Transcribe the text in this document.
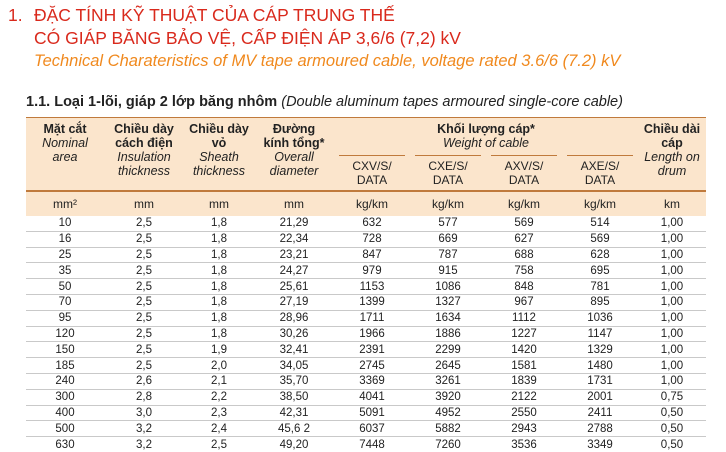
1. ĐẶC TÍNH KỸ THUẬT CỦA CÁP TRUNG THẾ
CÓ GIÁP BĂNG BẢO VỆ, CẤP ĐIỆN ÁP 3,6/6 (7,2) kV
Technical Charateristics of MV tape armoured cable, voltage rated 3.6/6 (7.2) kV
1.1. Loại 1-lõi, giáp 2 lớp băng nhôm (Double aluminum tapes armoured single-core cable)
Mặt cắt
Nominal
area	Chiều dày
cách điện
Insulation
thickness	Chiều dày
vỏ
Sheath
thickness	Đường
kính tổng*
Overall
diameter	Khối lượng cáp*
Weight of cable				Chiều dài
cáp
Length on
drum

				CXV/S/
DATA	CXE/S/
DATA	AXV/S/
DATA	AXE/S/
DATA	

mm²	mm	mm	mm	kg/km	kg/km	kg/km	kg/km	km
10	2,5	1,8	21,29	632	577	569	514	1,00
16	2,5	1,8	22,34	728	669	627	569	1,00
25	2,5	1,8	23,21	847	787	688	628	1,00
35	2,5	1,8	24,27	979	915	758	695	1,00
50	2,5	1,8	25,61	1153	1086	848	781	1,00
70	2,5	1,8	27,19	1399	1327	967	895	1,00
95	2,5	1,8	28,96	1711	1634	1112	1036	1,00
120	2,5	1,8	30,26	1966	1886	1227	1147	1,00
150	2,5	1,9	32,41	2391	2299	1420	1329	1,00
185	2,5	2,0	34,05	2745	2645	1581	1480	1,00
240	2,6	2,1	35,70	3369	3261	1839	1731	1,00
300	2,8	2,2	38,50	4041	3920	2122	2001	0,75
400	3,0	2,3	42,31	5091	4952	2550	2411	0,50
500	3,2	2,4	45,6 2	6037	5882	2943	2788	0,50
630	3,2	2,5	49,20	7448	7260	3536	3349	0,50
